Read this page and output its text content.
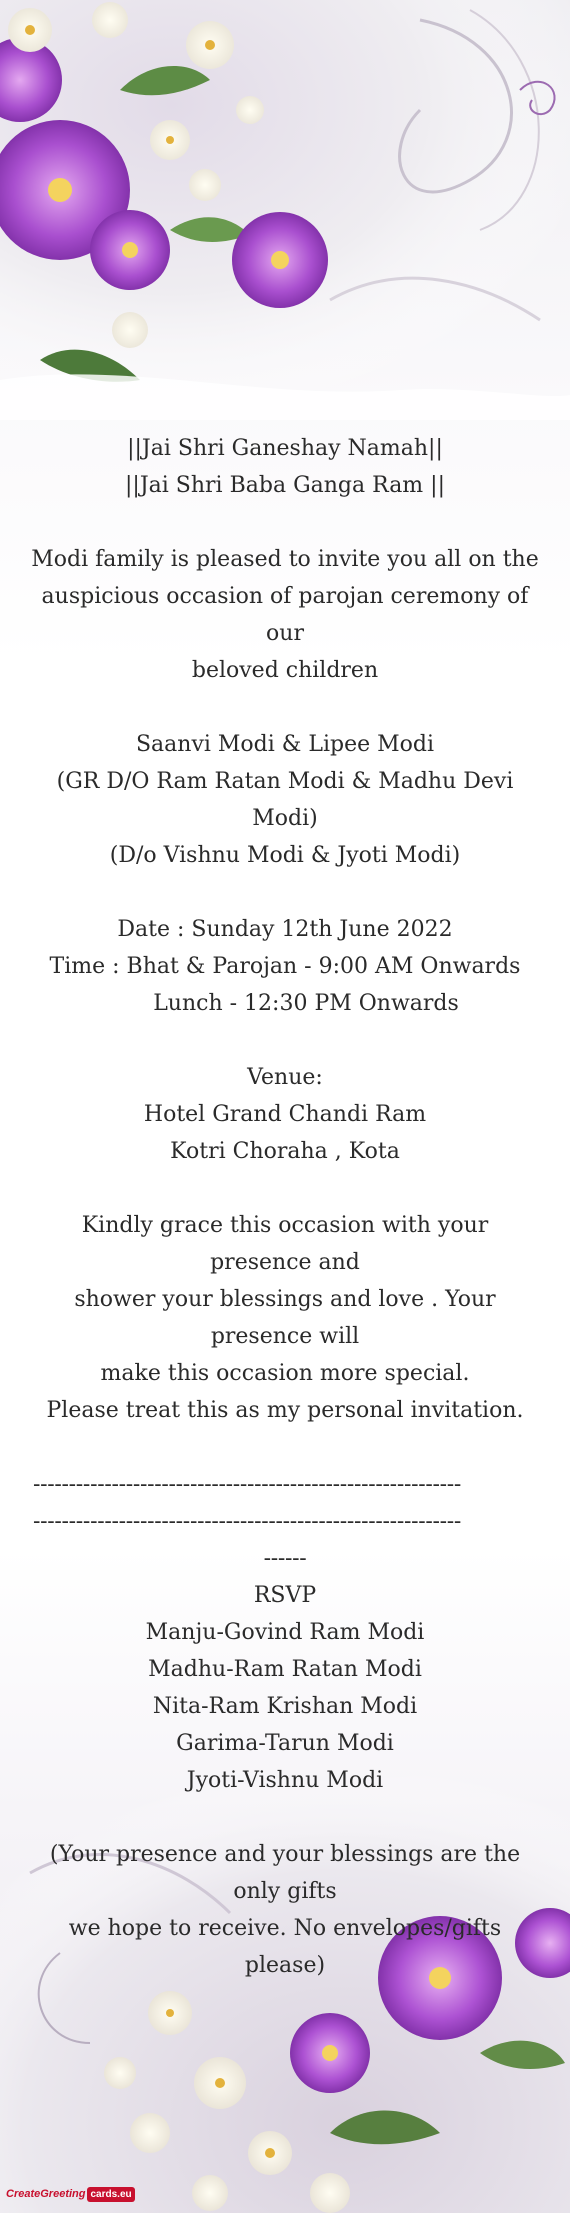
||Jai Shri Ganeshay Namah||

||Jai Shri Baba Ganga Ram ||

Modi family is pleased to invite you all on the

auspicious occasion of parojan ceremony of our

beloved children

Saanvi Modi & Lipee Modi

(GR D/O Ram Ratan Modi & Madhu Devi Modi)

(D/o Vishnu Modi & Jyoti Modi)

Date : Sunday 12th June 2022

Time : Bhat & Parojan - 9:00 AM Onwards

Lunch - 12:30 PM Onwards

Venue:

Hotel Grand Chandi Ram

Kotri Choraha , Kota

Kindly grace this occasion with your presence and

shower your blessings and love . Your presence will

make this occasion more special.

Please treat this as my personal invitation.

------------------------------------------------------------

------------------------------------------------------------

------

RSVP

Manju-Govind Ram Modi

Madhu-Ram Ratan Modi

Nita-Ram Krishan Modi

Garima-Tarun Modi

Jyoti-Vishnu Modi

(Your presence and your blessings are the only gifts

we hope to receive. No envelopes/gifts please)

CreateGreeting cards.eu
